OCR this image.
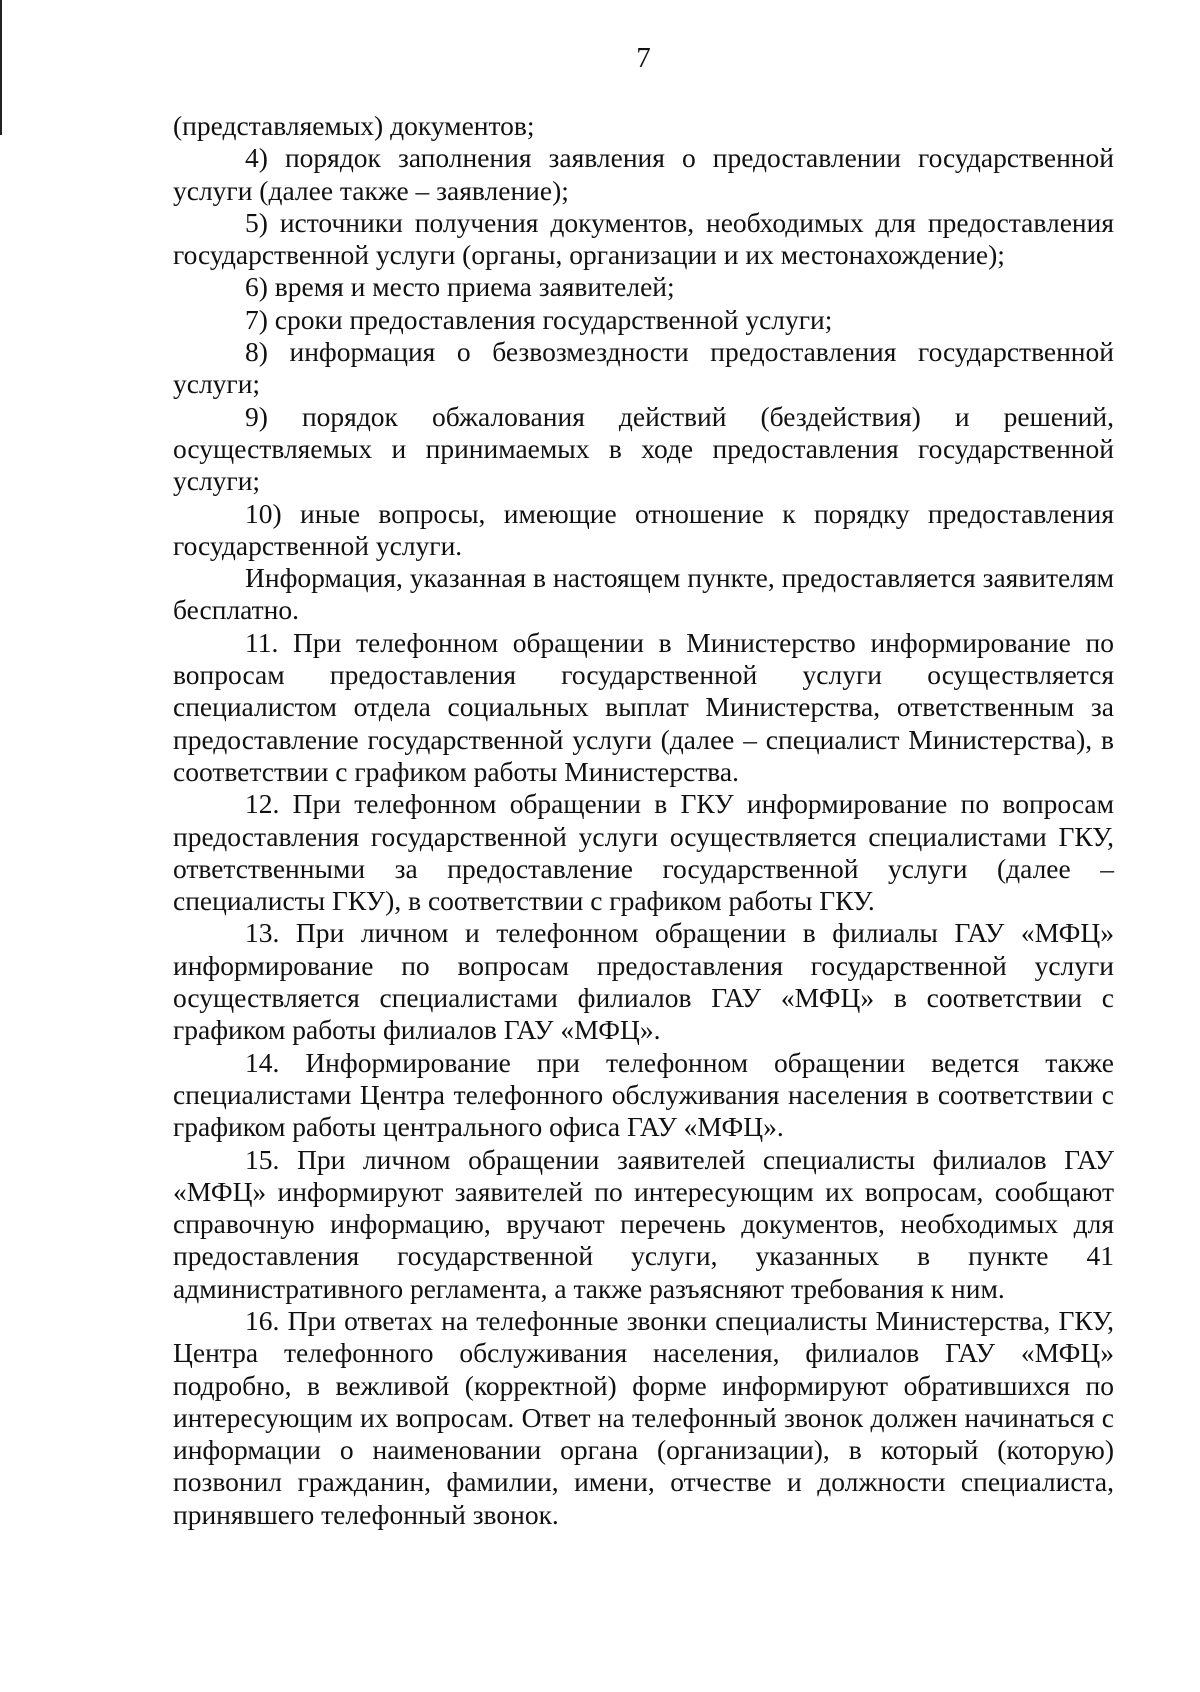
7

(представляемых) документов;

4) порядок заполнения заявления о предоставлении государственной услуги (далее также – заявление);

5) источники получения документов, необходимых для предоставления государственной услуги (органы, организации и их местонахождение);

6) время и место приема заявителей;

7) сроки предоставления государственной услуги;

8) информация о безвозмездности предоставления государственной услуги;

9) порядок обжалования действий (бездействия) и решений, осуществляемых и принимаемых в ходе предоставления государственной услуги;

10) иные вопросы, имеющие отношение к порядку предоставления государственной услуги.

Информация, указанная в настоящем пункте, предоставляется заявителям бесплатно.

11. При телефонном обращении в Министерство информирование по вопросам предоставления государственной услуги осуществляется специалистом отдела социальных выплат Министерства, ответственным за предоставление государственной услуги (далее – специалист Министерства), в соответствии с графиком работы Министерства.

12. При телефонном обращении в ГКУ информирование по вопросам предоставления государственной услуги осуществляется специалистами ГКУ, ответственными за предоставление государственной услуги (далее – специалисты ГКУ), в соответствии с графиком работы ГКУ.

13. При личном и телефонном обращении в филиалы ГАУ «МФЦ» информирование по вопросам предоставления государственной услуги осуществляется специалистами филиалов ГАУ «МФЦ» в соответствии с графиком работы филиалов ГАУ «МФЦ».

14. Информирование при телефонном обращении ведется также специалистами Центра телефонного обслуживания населения в соответствии с графиком работы центрального офиса ГАУ «МФЦ».

15. При личном обращении заявителей специалисты филиалов ГАУ «МФЦ» информируют заявителей по интересующим их вопросам, сообщают справочную информацию, вручают перечень документов, необходимых для предоставления государственной услуги, указанных в пункте 41 административного регламента, а также разъясняют требования к ним.

16. При ответах на телефонные звонки специалисты Министерства, ГКУ, Центра телефонного обслуживания населения, филиалов ГАУ «МФЦ» подробно, в вежливой (корректной) форме информируют обратившихся по интересующим их вопросам. Ответ на телефонный звонок должен начинаться с информации о наименовании органа (организации), в который (которую) позвонил гражданин, фамилии, имени, отчестве и должности специалиста, принявшего телефонный звонок.
